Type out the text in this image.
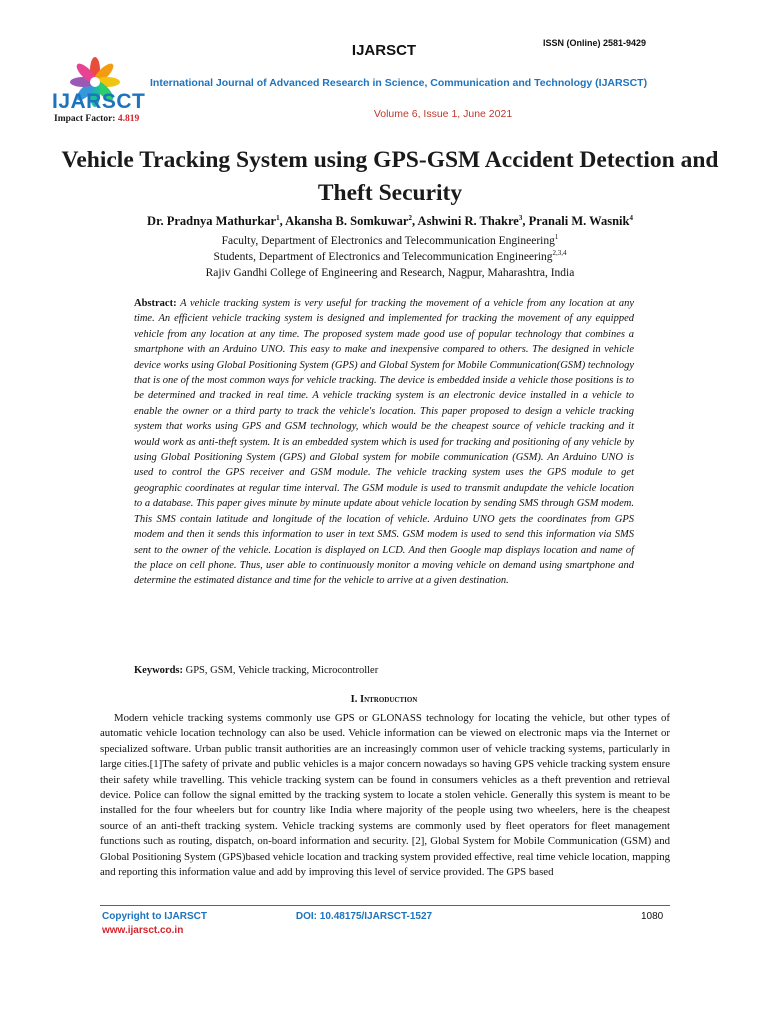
IJARSCT
Impact Factor: 4.819
IJARSCT	ISSN (Online) 2581-9429
International Journal of Advanced Research in Science, Communication and Technology (IJARSCT)
Volume 6, Issue 1, June 2021
Vehicle Tracking System using GPS-GSM Accident Detection and Theft Security
Dr. Pradnya Mathurkar$^1$, Akansha B. Somkuwar$^2$, Ashwini R. Thakre$^3$, Pranali M. Wasnik$^4$
Faculty, Department of Electronics and Telecommunication Engineering$^1$
Students, Department of Electronics and Telecommunication Engineering$^{2,3,4}$
Rajiv Gandhi College of Engineering and Research, Nagpur, Maharashtra, India

Abstract: A vehicle tracking system is very useful for tracking the movement of a vehicle from any location at any time. An efficient vehicle tracking system is designed and implemented for tracking the movement of any equipped vehicle from any location at any time. The proposed system made good use of popular technology that combines a smartphone with an Arduino UNO. This easy to make and inexpensive compared to others. The designed in vehicle device works using Global Positioning System (GPS) and Global System for Mobile Communication(GSM) technology that is one of the most common ways for vehicle tracking. The device is embedded inside a vehicle those positions is to be determined and tracked in real time. A vehicle tracking system is an electronic device installed in a vehicle to enable the owner or a third party to track the vehicle's location. This paper proposed to design a vehicle tracking system that works using GPS and GSM technology, which would be the cheapest source of vehicle tracking and it would work as anti-theft system. It is an embedded system which is used for tracking and positioning of any vehicle by using Global Positioning System (GPS) and Global system for mobile communication (GSM). An Arduino UNO is used to control the GPS receiver and GSM module. The vehicle tracking system uses the GPS module to get geographic coordinates at regular time interval. The GSM module is used to transmit andupdate the vehicle location to a database. This paper gives minute by minute update about vehicle location by sending SMS through GSM modem. This SMS contain latitude and longitude of the location of vehicle. Arduino UNO gets the coordinates from GPS modem and then it sends this information to user in text SMS. GSM modem is used to send this information via SMS sent to the owner of the vehicle. Location is displayed on LCD. And then Google map displays location and name of the place on cell phone. Thus, user able to continuously monitor a moving vehicle on demand using smartphone and determine the estimated distance and time for the vehicle to arrive at a given destination.

Keywords: GPS, GSM, Vehicle tracking, Microcontroller

I. Introduction

Modern vehicle tracking systems commonly use GPS or GLONASS technology for locating the vehicle, but other types of automatic vehicle location technology can also be used. Vehicle information can be viewed on electronic maps via the Internet or specialized software. Urban public transit authorities are an increasingly common user of vehicle tracking systems, particularly in large cities.[1]The safety of private and public vehicles is a major concern nowadays so having GPS vehicle tracking system ensure their safety while travelling. This vehicle tracking system can be found in consumers vehicles as a theft prevention and retrieval device. Police can follow the signal emitted by the tracking system to locate a stolen vehicle. Generally this system is meant to be installed for the four wheelers but for country like India where majority of the people using two wheelers, here is the cheapest source of an anti-theft tracking system. Vehicle tracking systems are commonly used by fleet operators for fleet management functions such as routing, dispatch, on-board information and security. [2], Global System for Mobile Communication (GSM) and Global Positioning System (GPS)based vehicle location and tracking system provided effective, real time vehicle location, mapping and reporting this information value and add by improving this level of service provided. The GPS based

Copyright to IJARSCT
www.ijarsct.co.in
DOI: 10.48175/IJARSCT-1527	1080
